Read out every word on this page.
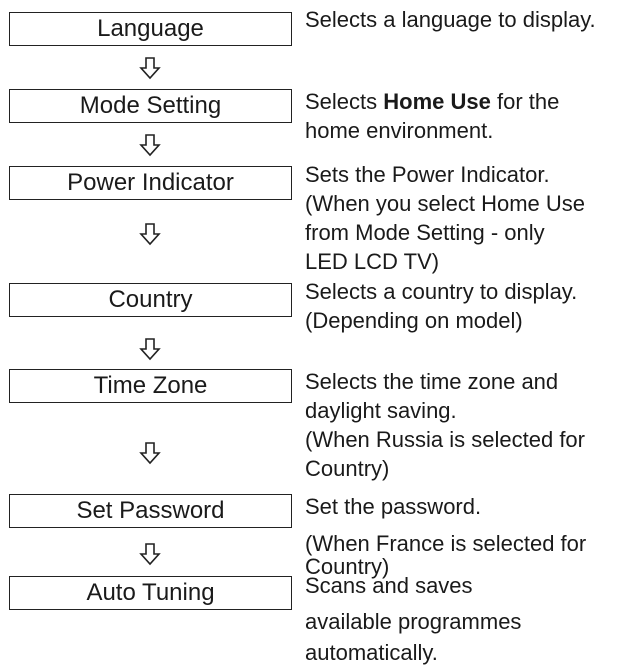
Language	Selects a language to display.

Mode Setting	Selects Home Use for the
home environment.

Power Indicator	Sets the Power Indicator.
(When you select Home Use
from Mode Setting - only
LED LCD TV)

Country	Selects a country to display.
(Depending on model)

Time Zone	Selects the time zone and
daylight saving.
(When Russia is selected for
Country)

Set Password	Set the password.
(When France is selected for
Country)

Auto Tuning	Scans and saves
available programmes
automatically.
